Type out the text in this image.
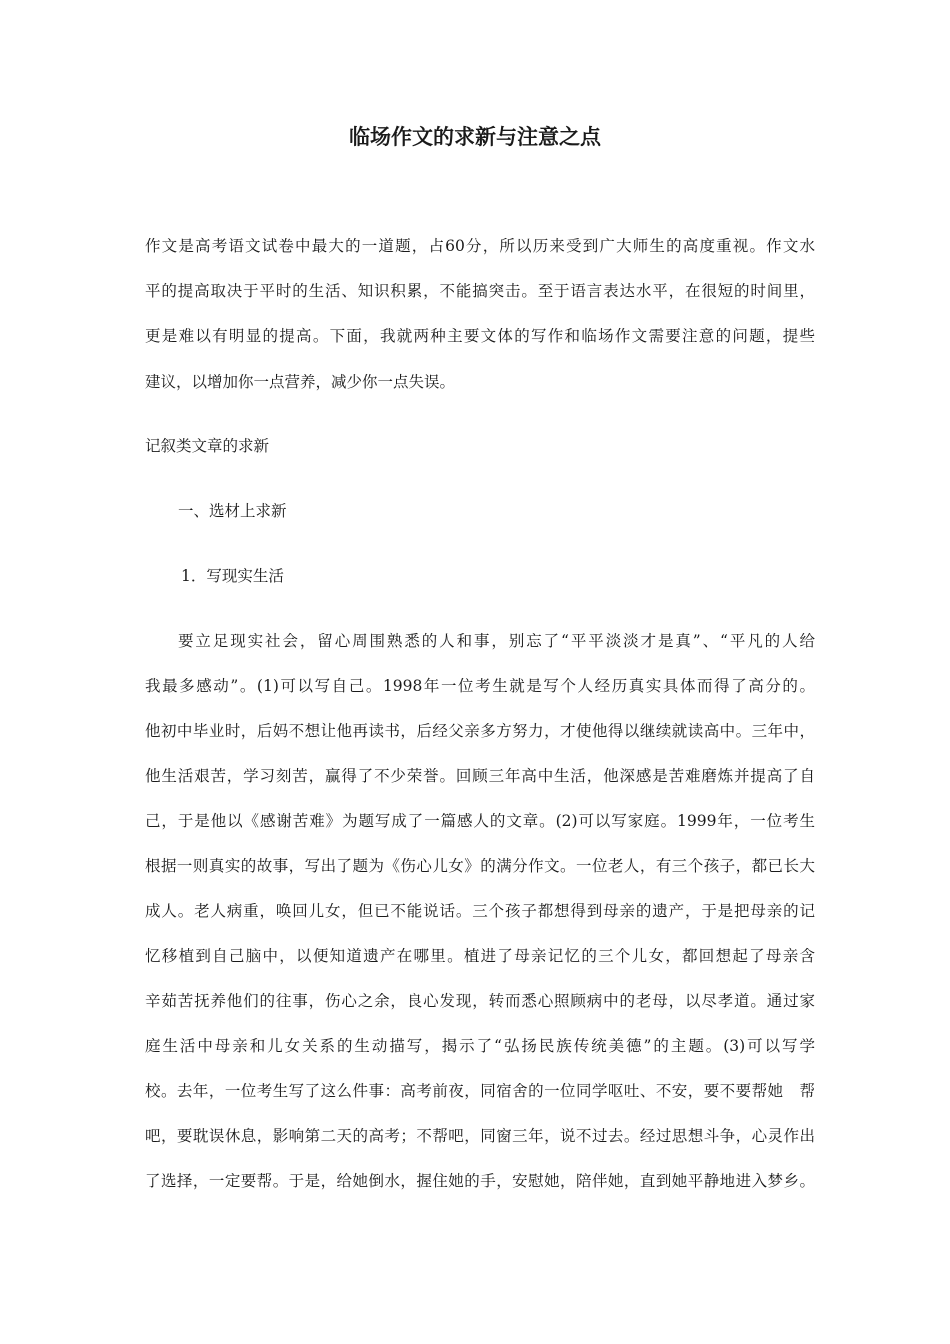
临场作文的求新与注意之点
作文是高考语文试卷中最大的一道题，占60分，所以历来受到广大师生的高度重视。作文水
平的提高取决于平时的生活、知识积累，不能搞突击。至于语言表达水平，在很短的时间里，
更是难以有明显的提高。下面，我就两种主要文体的写作和临场作文需要注意的问题，提些
建议，以增加你一点营养，减少你一点失误。
记叙类文章的求新
一、选材上求新
1．写现实生活
要立足现实社会，留心周围熟悉的人和事，别忘了“平平淡淡才是真”、“平凡的人给
我最多感动”。(1)可以写自己。1998年一位考生就是写个人经历真实具体而得了高分的。
他初中毕业时，后妈不想让他再读书，后经父亲多方努力，才使他得以继续就读高中。三年中，
他生活艰苦，学习刻苦，赢得了不少荣誉。回顾三年高中生活，他深感是苦难磨炼并提高了自
己，于是他以《感谢苦难》为题写成了一篇感人的文章。(2)可以写家庭。1999年，一位考生
根据一则真实的故事，写出了题为《伤心儿女》的满分作文。一位老人，有三个孩子，都已长大
成人。老人病重，唤回儿女，但已不能说话。三个孩子都想得到母亲的遗产，于是把母亲的记
忆移植到自己脑中，以便知道遗产在哪里。植进了母亲记忆的三个儿女，都回想起了母亲含
辛茹苦抚养他们的往事，伤心之余，良心发现，转而悉心照顾病中的老母，以尽孝道。通过家
庭生活中母亲和儿女关系的生动描写，揭示了“弘扬民族传统美德”的主题。(3)可以写学
校。去年，一位考生写了这么件事：高考前夜，同宿舍的一位同学呕吐、不安，要不要帮她　帮
吧，要耽误休息，影响第二天的高考；不帮吧，同窗三年，说不过去。经过思想斗争，心灵作出
了选择，一定要帮。于是，给她倒水，握住她的手，安慰她，陪伴她，直到她平静地进入梦乡。
